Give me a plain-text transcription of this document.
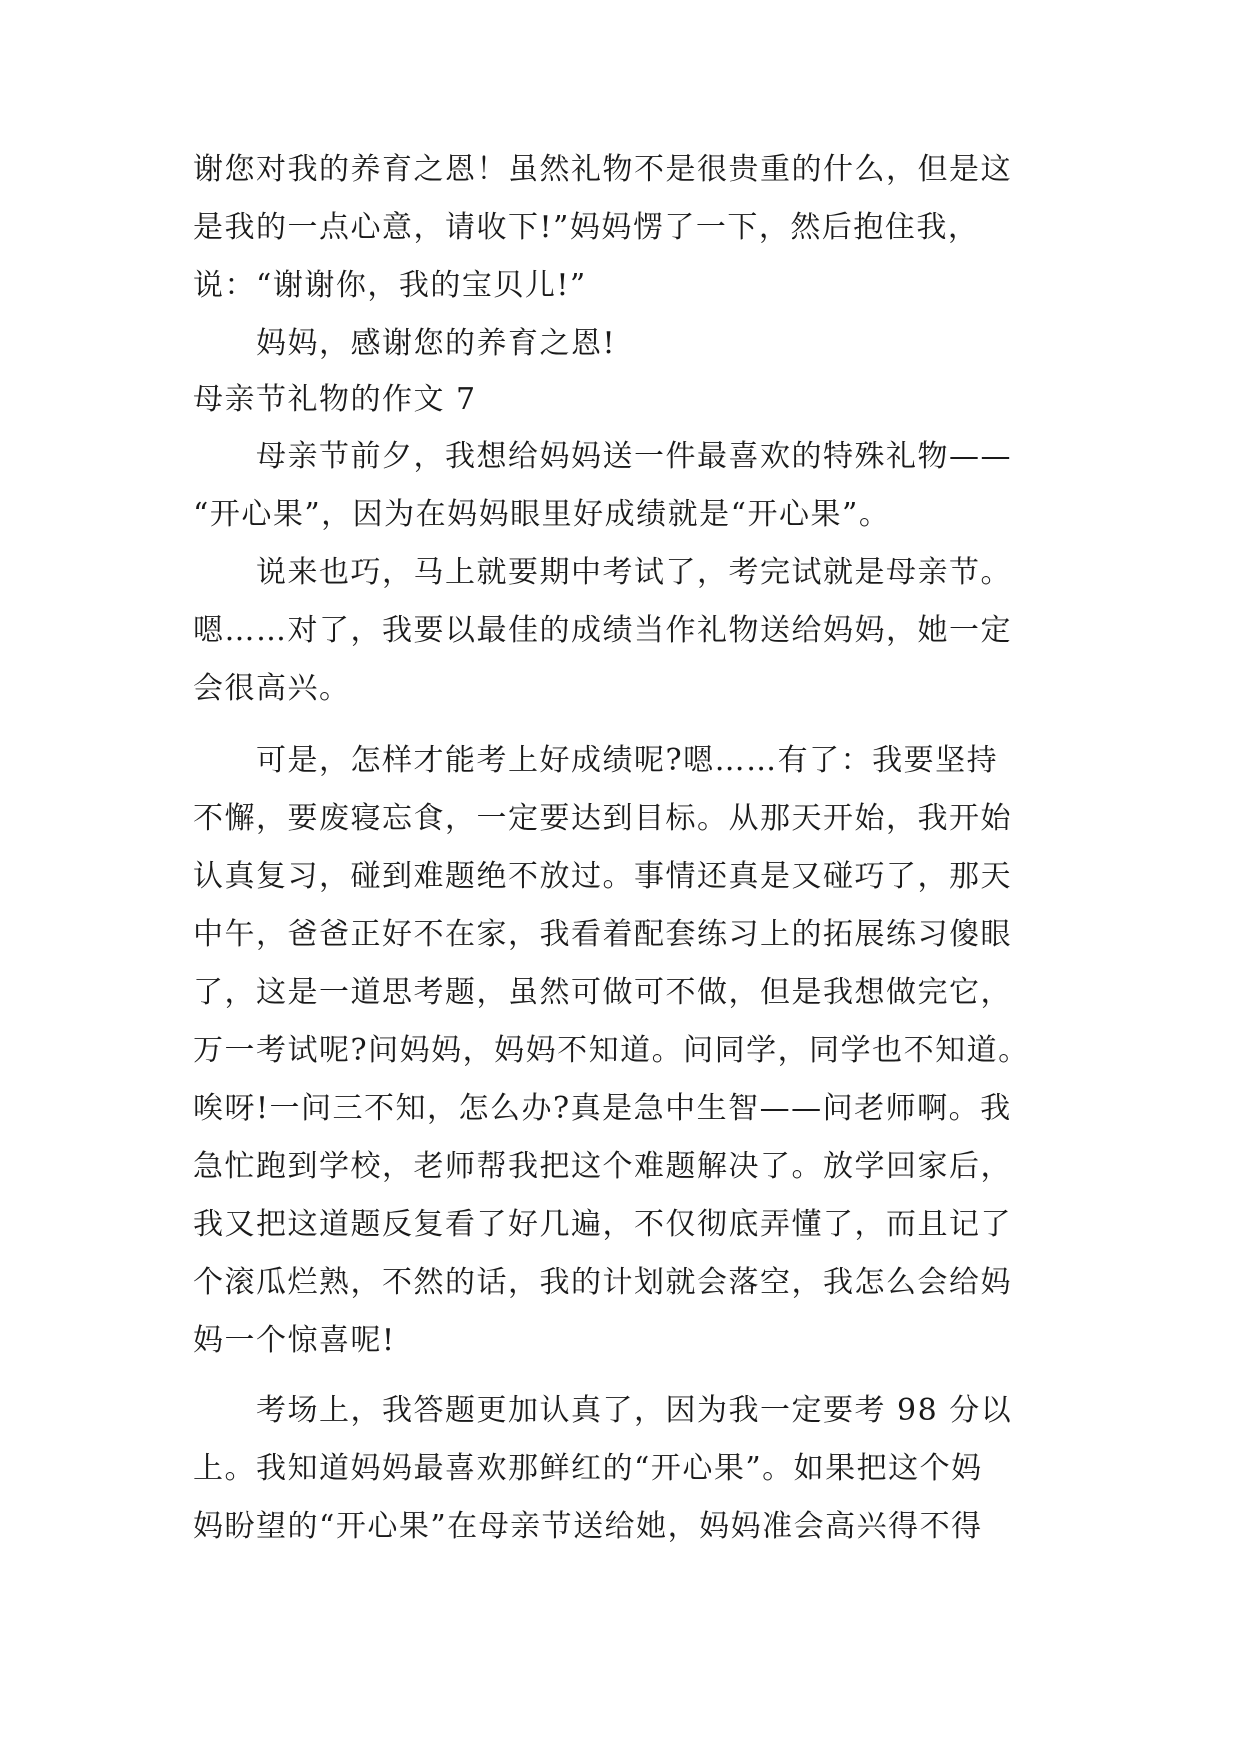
谢您对我的养育之恩！虽然礼物不是很贵重的什么，但是这
是我的一点心意，请收下!”妈妈愣了一下，然后抱住我，
说：“谢谢你，我的宝贝儿!”
妈妈，感谢您的养育之恩!
母亲节礼物的作文 7
母亲节前夕，我想给妈妈送一件最喜欢的特殊礼物——
“开心果”，因为在妈妈眼里好成绩就是“开心果”。
说来也巧，马上就要期中考试了，考完试就是母亲节。
嗯……对了，我要以最佳的成绩当作礼物送给妈妈，她一定
会很高兴。
可是，怎样才能考上好成绩呢?嗯……有了：我要坚持
不懈，要废寝忘食，一定要达到目标。从那天开始，我开始
认真复习，碰到难题绝不放过。事情还真是又碰巧了，那天
中午，爸爸正好不在家，我看着配套练习上的拓展练习傻眼
了，这是一道思考题，虽然可做可不做，但是我想做完它，
万一考试呢?问妈妈，妈妈不知道。问同学，同学也不知道。
唉呀!一问三不知，怎么办?真是急中生智——问老师啊。我
急忙跑到学校，老师帮我把这个难题解决了。放学回家后，
我又把这道题反复看了好几遍，不仅彻底弄懂了，而且记了
个滚瓜烂熟，不然的话，我的计划就会落空，我怎么会给妈
妈一个惊喜呢!
考场上，我答题更加认真了，因为我一定要考 98 分以
上。我知道妈妈最喜欢那鲜红的“开心果”。如果把这个妈
妈盼望的“开心果”在母亲节送给她，妈妈准会高兴得不得
